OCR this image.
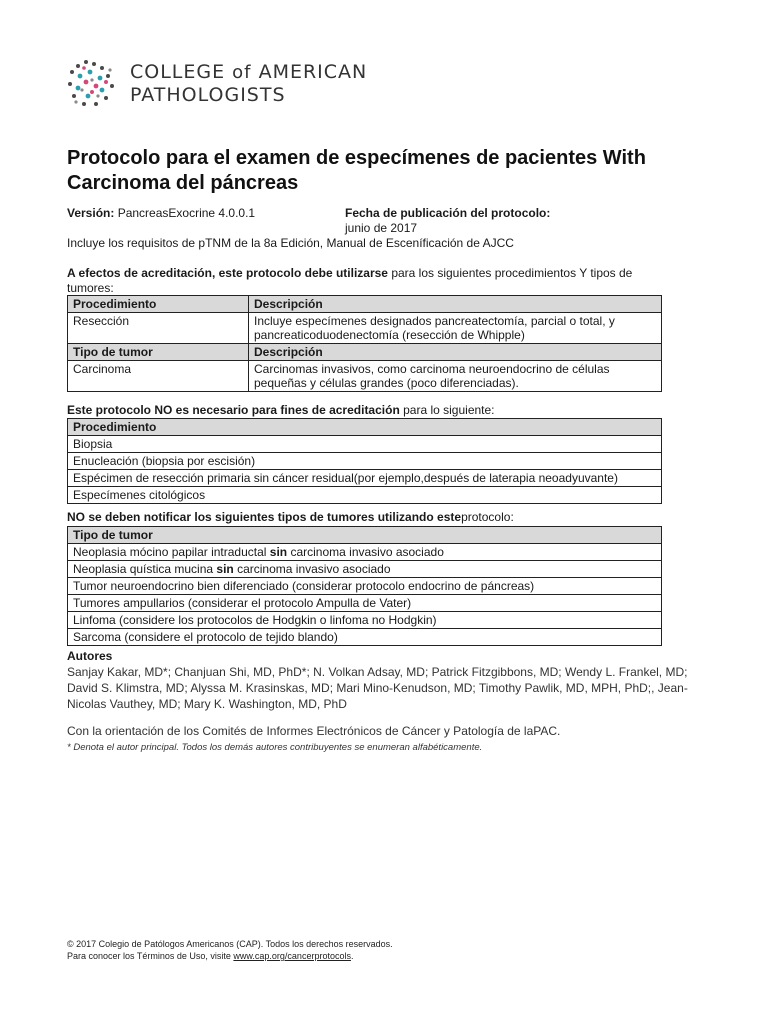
COLLEGE of AMERICAN
PATHOLOGISTS
Protocolo para el examen de especímenes de pacientes With Carcinoma del páncreas
Versión: PancreasExocrine 4.0.0.1	Fecha de publicación del protocolo:
junio de 2017
Incluye los requisitos de pTNM de la 8a Edición, Manual de Esceníficación de AJCC
A efectos de acreditación, este protocolo debe utilizarse para los siguientes procedimientos Y tipos de tumores:
Procedimiento	Descripción
Resección	Incluye especímenes designados pancreatectomía, parcial o total, y pancreaticoduodenectomía (resección de Whipple)
Tipo de tumor	Descripción
Carcinoma	Carcinomas invasivos, como carcinoma neuroendocrino de células pequeñas y células grandes (poco diferenciadas).
Este protocolo NO es necesario para fines de acreditación para lo siguiente:
Procedimiento
Biopsia
Enucleación (biopsia por escisión)
Espécimen de resección primaria sin cáncer residual(por ejemplo,después de laterapia neoadyuvante)
Especímenes citológicos
NO se deben notificar los siguientes tipos de tumores utilizando esteprotocolo:
Tipo de tumor
Neoplasia mócino papilar intraductal sin carcinoma invasivo asociado
Neoplasia quística mucina sin carcinoma invasivo asociado
Tumor neuroendocrino bien diferenciado (considerar protocolo endocrino de páncreas)
Tumores ampullarios (considerar el protocolo Ampulla de Vater)
Linfoma (considere los protocolos de Hodgkin o linfoma no Hodgkin)
Sarcoma (considere el protocolo de tejido blando)
Autores
Sanjay Kakar, MD*; Chanjuan Shi, MD, PhD*; N. Volkan Adsay, MD; Patrick Fitzgibbons, MD; Wendy L. Frankel, MD; David S. Klimstra, MD; Alyssa M. Krasinskas, MD; Mari Mino-Kenudson, MD; Timothy Pawlik, MD, MPH, PhD;, Jean-Nicolas Vauthey, MD; Mary K. Washington, MD, PhD
Con la orientación de los Comités de Informes Electrónicos de Cáncer y Patología de laPAC.
* Denota el autor principal. Todos los demás autores contribuyentes se enumeran alfabéticamente.
© 2017 Colegio de Patólogos Americanos (CAP). Todos los derechos reservados.
Para conocer los Términos de Uso, visite www.cap.org/cancerprotocols.
